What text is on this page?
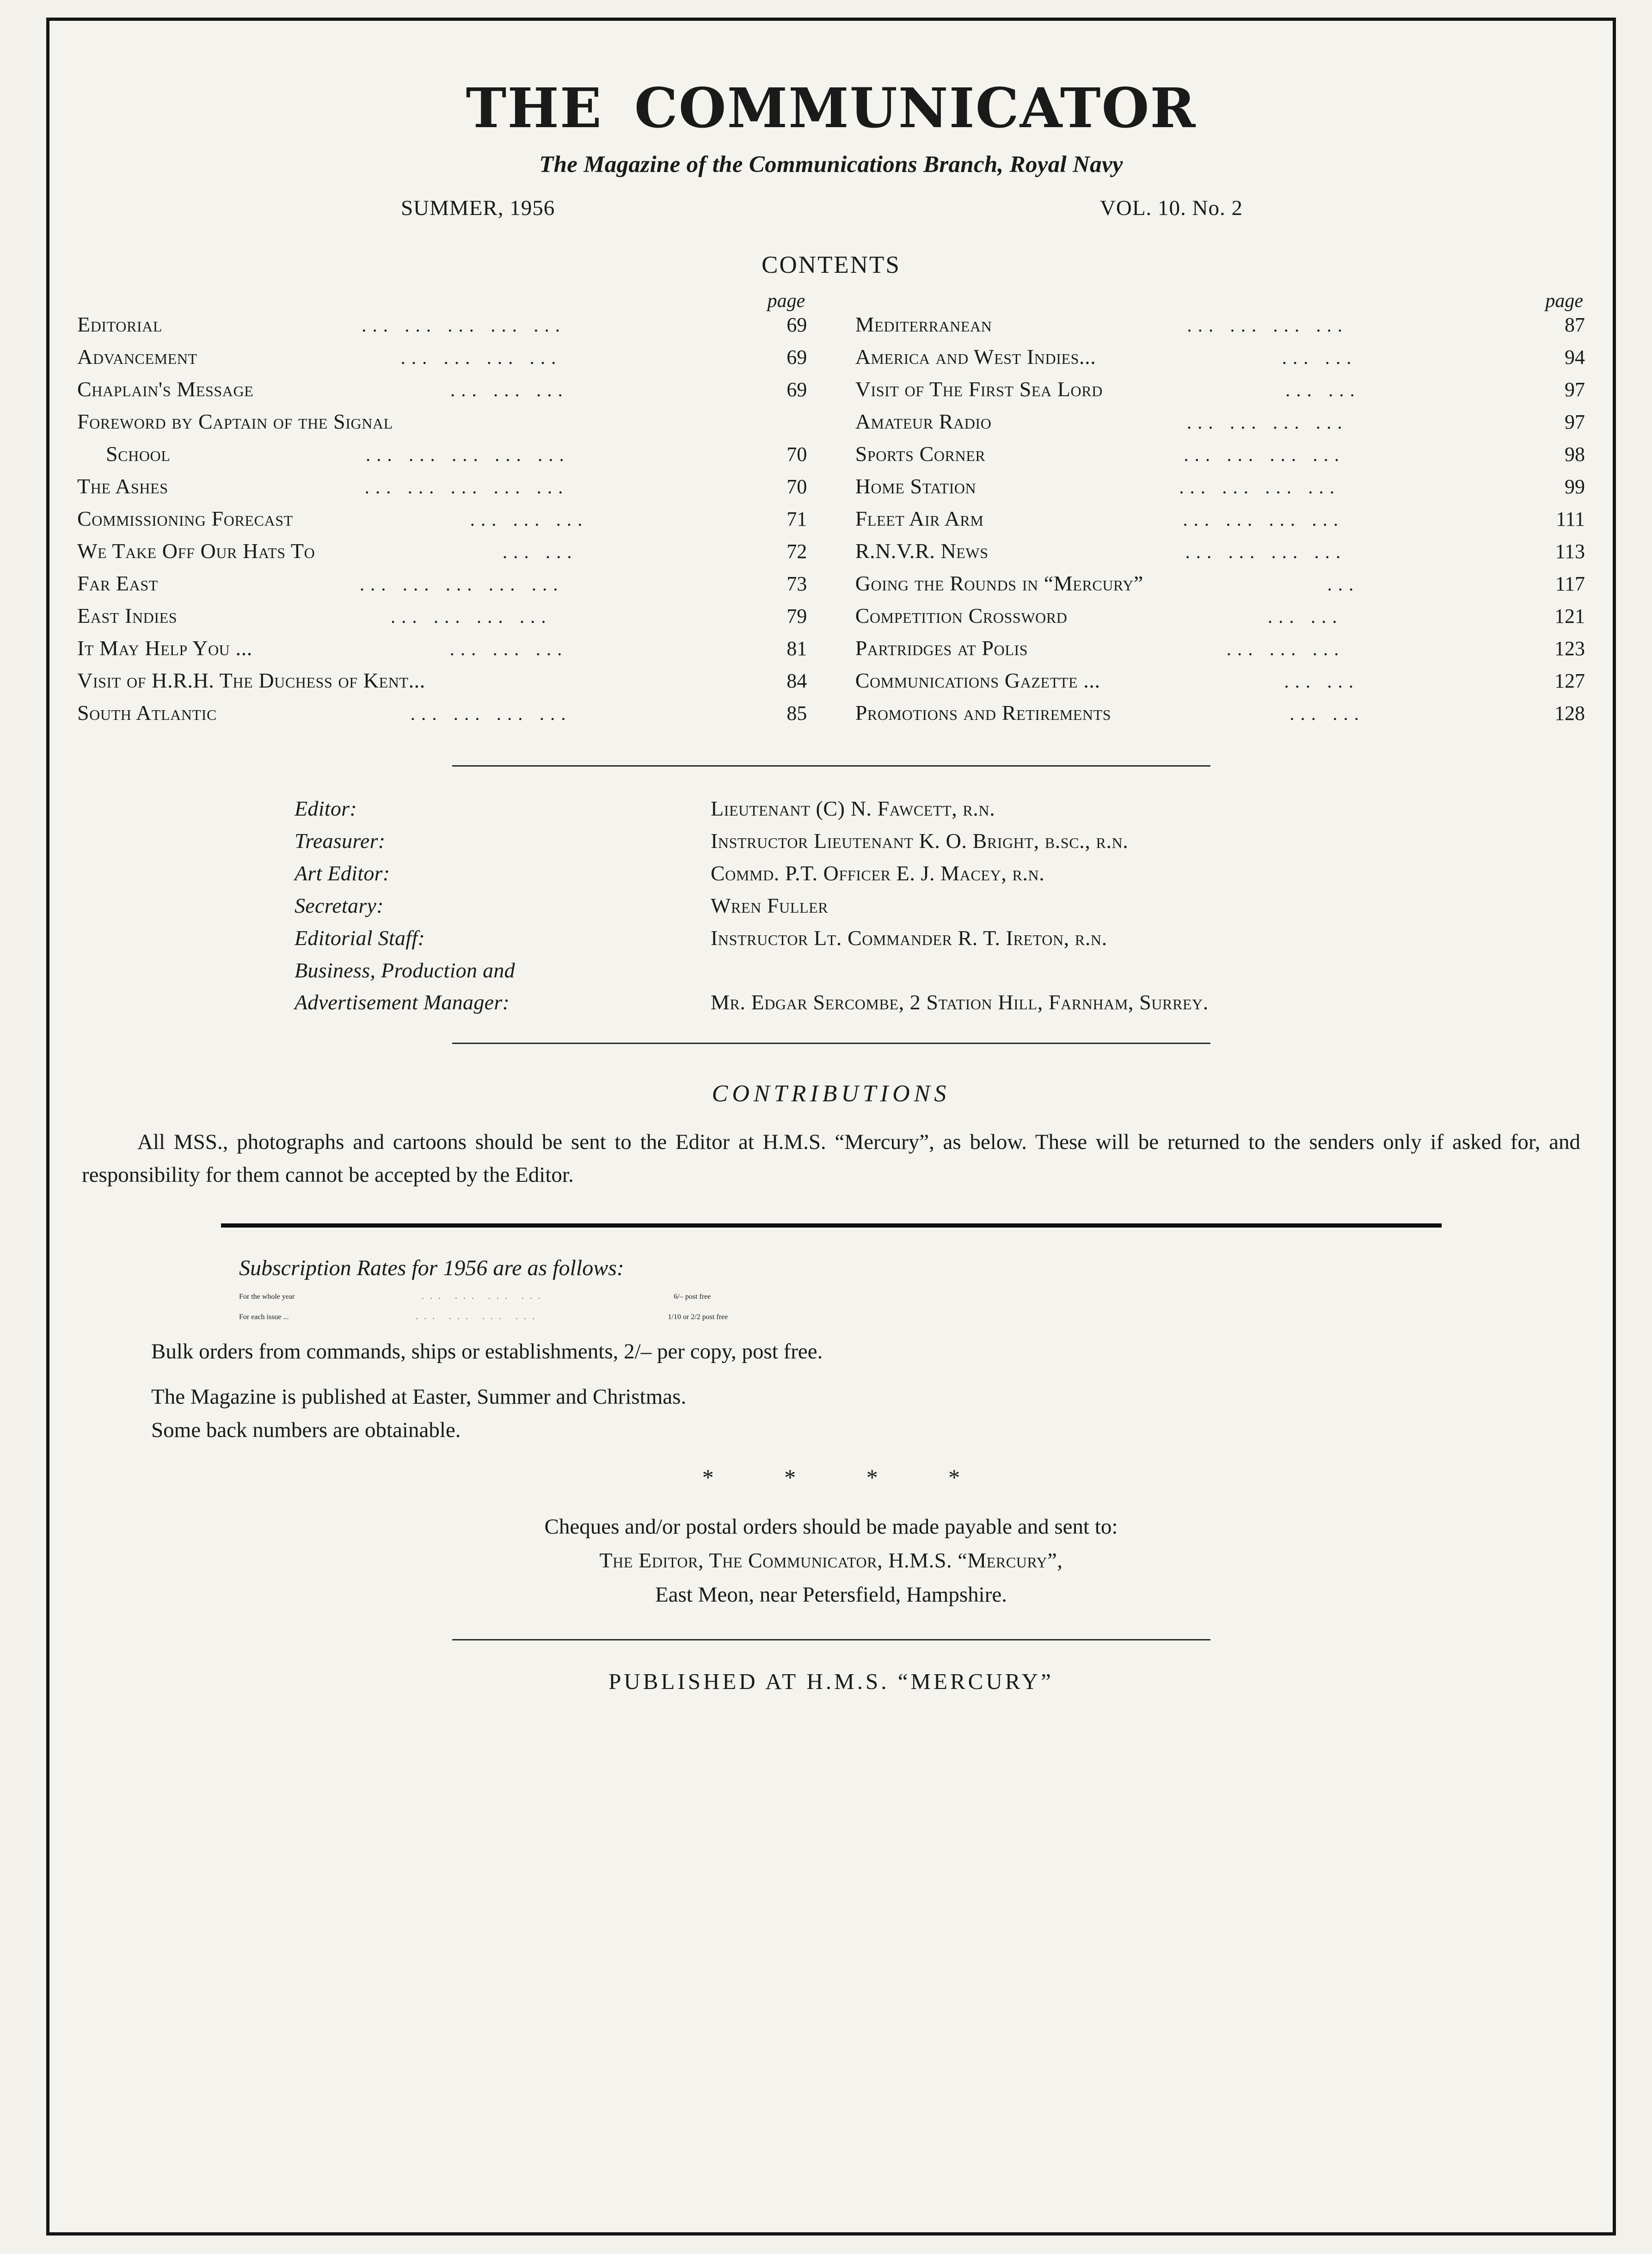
THE COMMUNICATOR
The Magazine of the Communications Branch, Royal Navy
SUMMER, 1956	VOL. 10. No. 2
CONTENTS
page
Editorial	... ... ... ... ...	69
Advancement	... ... ... ...	69
Chaplain's Message	... ... ...	69
Foreword by Captain of the Signal
School	... ... ... ... ...	70
The Ashes	... ... ... ... ...	70
Commissioning Forecast	... ... ...	71
We Take Off Our Hats To	... ...	72
Far East	... ... ... ... ...	73
East Indies	... ... ... ...	79
It May Help You ...	... ... ...	81
Visit of H.R.H. The Duchess of Kent...	84
South Atlantic	... ... ... ...	85
page
Mediterranean	... ... ... ...	87
America and West Indies...	... ...	94
Visit of The First Sea Lord	... ...	97
Amateur Radio	... ... ... ...	97
Sports Corner	... ... ... ...	98
Home Station	... ... ... ...	99
Fleet Air Arm	... ... ... ...	111
R.N.V.R. News	... ... ... ...	113
Going the Rounds in “Mercury”	...	117
Competition Crossword	... ...	121
Partridges at Polis	... ... ...	123
Communications Gazette ...	... ...	127
Promotions and Retirements	... ...	128
Editor:	Lieutenant (C) N. Fawcett, r.n.
Treasurer:	Instructor Lieutenant K. O. Bright, b.sc., r.n.
Art Editor:	Commd. P.T. Officer E. J. Macey, r.n.
Secretary:	Wren Fuller
Editorial Staff:	Instructor Lt. Commander R. T. Ireton, r.n.
Business, Production and
Advertisement Manager:	Mr. Edgar Sercombe, 2 Station Hill, Farnham, Surrey.
CONTRIBUTIONS
All MSS., photographs and cartoons should be sent to the Editor at H.M.S. “Mercury”, as below. These will be returned to the senders only if asked for, and responsibility for them cannot be accepted by the Editor.
Subscription Rates for 1956 are as follows:
For the whole year	... ... ... ...	6/– post free
For each issue ...	... ... ... ...	1/10 or 2/2 post free
Bulk orders from commands, ships or establishments, 2/– per copy, post free.
The Magazine is published at Easter, Summer and Christmas.
Some back numbers are obtainable.
* * * *
Cheques and/or postal orders should be made payable and sent to:
The Editor, The Communicator, H.M.S. “Mercury”,
East Meon, near Petersfield, Hampshire.
PUBLISHED AT H.M.S. “MERCURY”
